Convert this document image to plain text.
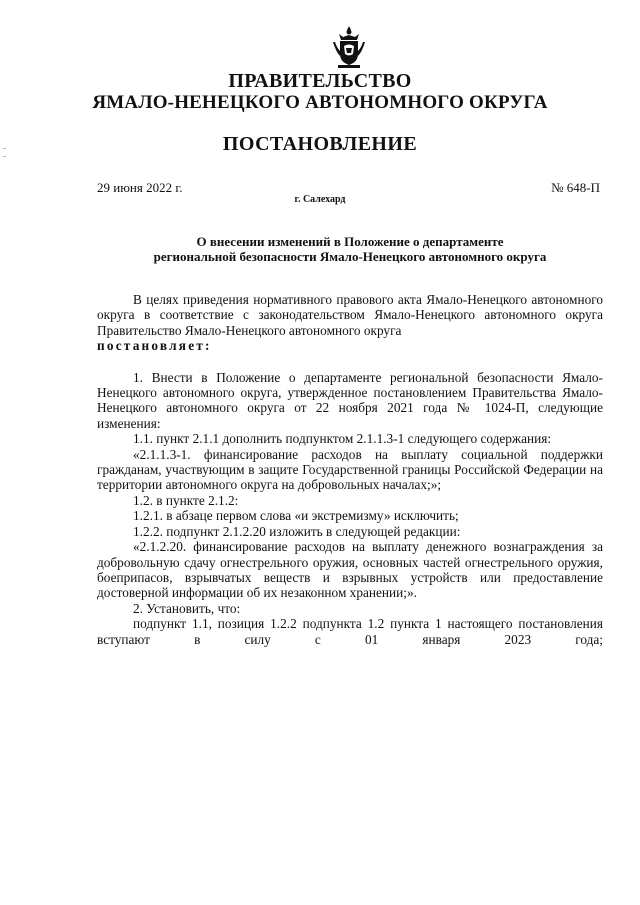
ПРАВИТЕЛЬСТВО
ЯМАЛО-НЕНЕЦКОГО АВТОНОМНОГО ОКРУГА
ПОСТАНОВЛЕНИЕ
29 июня 2022 г.	№ 648-П
г. Салехард
О внесении изменений в Положение о департаменте
региональной безопасности Ямало-Ненецкого автономного округа

В целях приведения нормативного правового акта Ямало-Ненецкого автономного округа в соответствие с законодательством Ямало-Ненецкого автономного округа Правительство Ямало-Ненецкого автономного округа

постановляет:

1. Внести в Положение о департаменте региональной безопасности Ямало-Ненецкого автономного округа, утвержденное постановлением Правительства Ямало-Ненецкого автономного округа от 22 ноября 2021 года № 1024-П, следующие изменения:

1.1. пункт 2.1.1 дополнить подпунктом 2.1.1.3-1 следующего содержания:

«2.1.1.3-1. финансирование расходов на выплату социальной поддержки гражданам, участвующим в защите Государственной границы Российской Федерации на территории автономного округа на добровольных началах;»;

1.2. в пункте 2.1.2:

1.2.1. в абзаце первом слова «и экстремизму» исключить;

1.2.2. подпункт 2.1.2.20 изложить в следующей редакции:

«2.1.2.20. финансирование расходов на выплату денежного вознаграждения за добровольную сдачу огнестрельного оружия, основных частей огнестрельного оружия, боеприпасов, взрывчатых веществ и взрывных устройств или предоставление достоверной информации об их незаконном хранении;».

2. Установить, что:

подпункт 1.1, позиция 1.2.2 подпункта 1.2 пункта 1 настоящего постановления вступают в силу с 01 января 2023 года;
